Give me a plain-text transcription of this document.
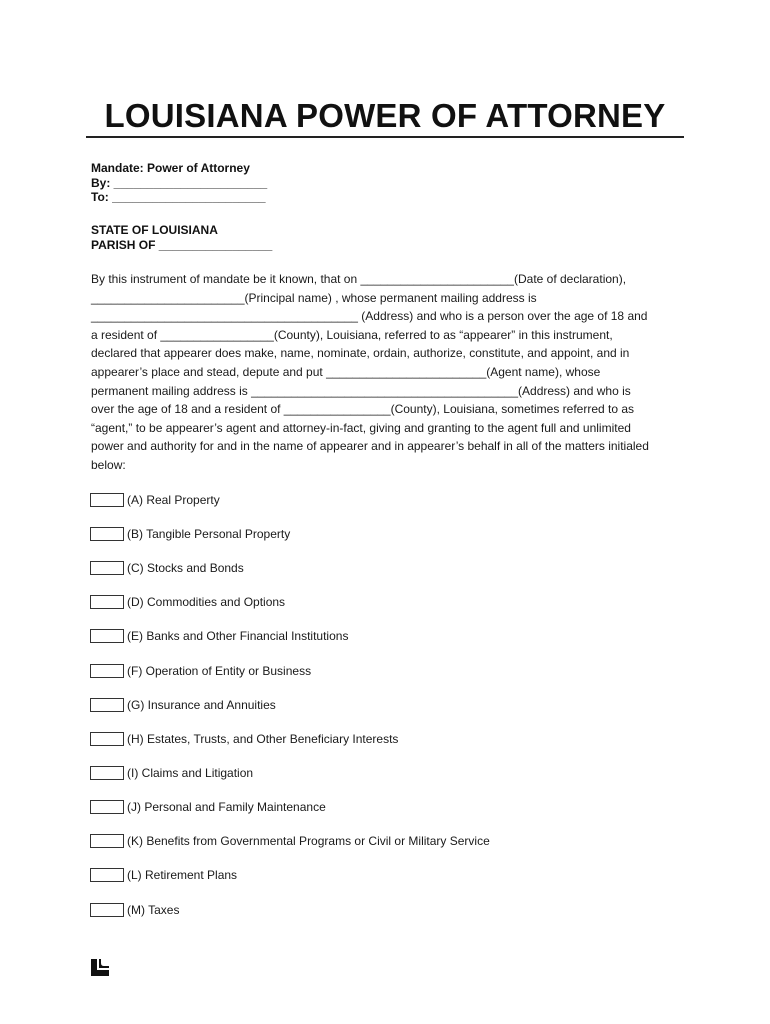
LOUISIANA POWER OF ATTORNEY
Mandate: Power of Attorney
By: _______________________
To: _______________________
STATE OF LOUISIANA
PARISH OF _________________
By this instrument of mandate be it known, that on _______________________(Date of declaration),
_______________________(Principal name) , whose permanent mailing address is
________________________________________ (Address) and who is a person over the age of 18 and
a resident of _________________(County), Louisiana, referred to as “appearer” in this instrument,
declared that appearer does make, name, nominate, ordain, authorize, constitute, and appoint, and in
appearer’s place and stead, depute and put ________________________(Agent name), whose
permanent mailing address is ________________________________________(Address) and who is
over the age of 18 and a resident of ________________(County), Louisiana, sometimes referred to as
“agent,” to be appearer’s agent and attorney-in-fact, giving and granting to the agent full and unlimited
power and authority for and in the name of appearer and in appearer’s behalf in all of the matters initialed
below:
(A) Real Property
(B) Tangible Personal Property
(C) Stocks and Bonds
(D) Commodities and Options
(E) Banks and Other Financial Institutions
(F) Operation of Entity or Business
(G) Insurance and Annuities
(H) Estates, Trusts, and Other Beneficiary Interests
(I) Claims and Litigation
(J) Personal and Family Maintenance
(K) Benefits from Governmental Programs or Civil or Military Service
(L) Retirement Plans
(M) Taxes
